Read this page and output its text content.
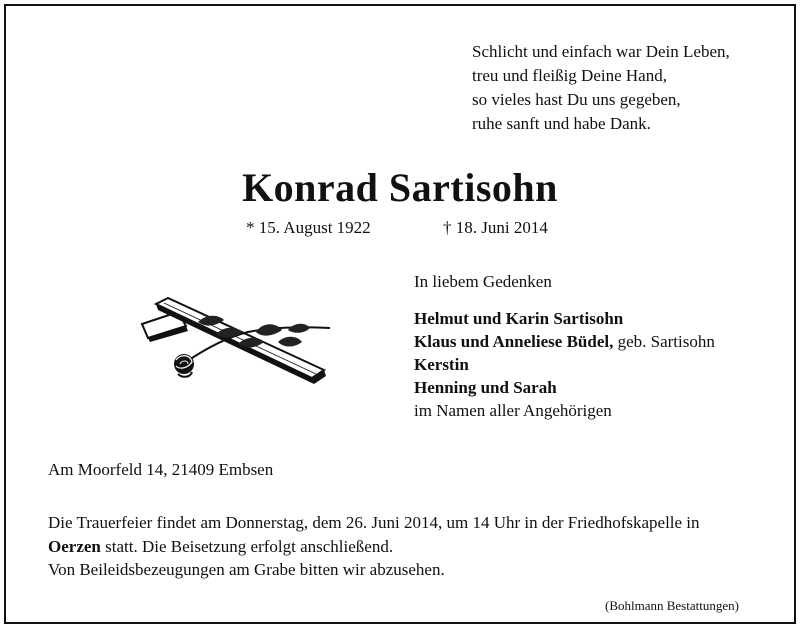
Schlicht und einfach war Dein Leben,
treu und fleißig Deine Hand,
so vieles hast Du uns gegeben,
ruhe sanft und habe Dank.
Konrad Sartisohn
* 15. August 1922	† 18. Juni 2014
In liebem Gedenken
Helmut und Karin Sartisohn
Klaus und Anneliese Büdel, geb. Sartisohn
Kerstin
Henning und Sarah
im Namen aller Angehörigen
Am Moorfeld 14, 21409 Embsen
Die Trauerfeier findet am Donnerstag, dem 26. Juni 2014, um 14 Uhr in der Friedhofskapelle in
Oerzen statt. Die Beisetzung erfolgt anschließend.
Von Beileidsbezeugungen am Grabe bitten wir abzusehen.
(Bohlmann Bestattungen)
